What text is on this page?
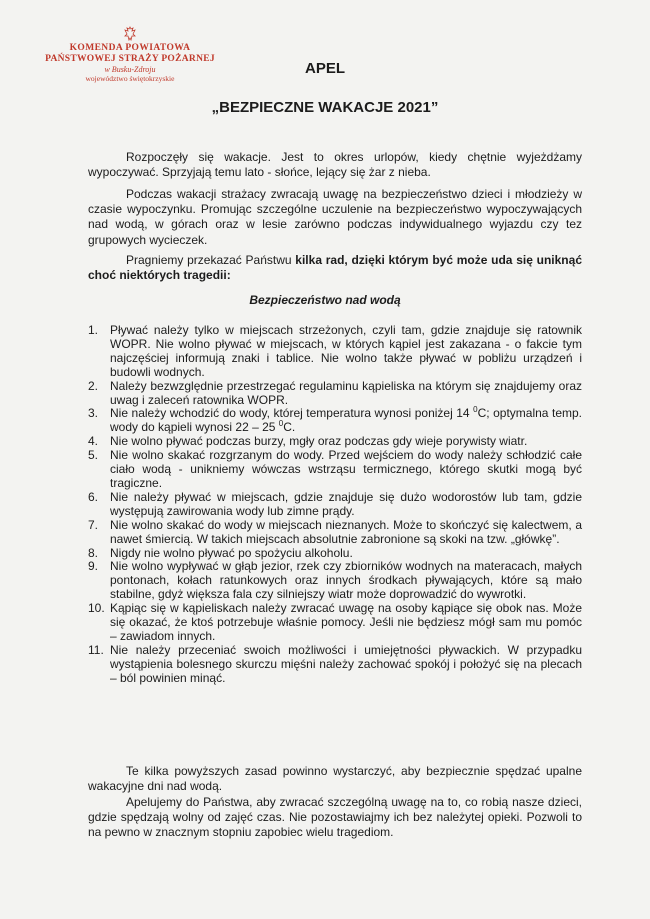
KOMENDA POWIATOWA
PAŃSTWOWEJ STRAŻY POŻARNEJ
w Busku-Zdroju
województwo świętokrzyskie
APEL
„BEZPIECZNE WAKACJE 2021”

Rozpoczęły się wakacje. Jest to okres urlopów, kiedy chętnie wyjeżdżamy wypoczywać. Sprzyjają temu lato - słońce, lejący się żar z nieba.

Podczas wakacji strażacy zwracają uwagę na bezpieczeństwo dzieci i młodzieży w czasie wypoczynku. Promując szczególne uczulenie na bezpieczeństwo wypoczywających nad wodą, w górach oraz w lesie zarówno podczas indywidualnego wyjazdu czy tez grupowych wycieczek.

Pragniemy przekazać Państwu kilka rad, dzięki którym być może uda się uniknąć choć niektórych tragedii:

Bezpieczeństwo nad wodą
1. Pływać należy tylko w miejscach strzeżonych, czyli tam, gdzie znajduje się ratownik WOPR. Nie wolno pływać w miejscach, w których kąpiel jest zakazana - o fakcie tym najczęściej informują znaki i tablice. Nie wolno także pływać w pobliżu urządzeń i budowli wodnych.
2. Należy bezwzględnie przestrzegać regulaminu kąpieliska na którym się znajdujemy oraz uwag i zaleceń ratownika WOPR.
3. Nie należy wchodzić do wody, której temperatura wynosi poniżej 14 $^0$C; optymalna temp. wody do kąpieli wynosi 22 – 25 $^0$C.
4. Nie wolno pływać podczas burzy, mgły oraz podczas gdy wieje porywisty wiatr.
5. Nie wolno skakać rozgrzanym do wody. Przed wejściem do wody należy schłodzić całe ciało wodą - unikniemy wówczas wstrząsu termicznego, którego skutki mogą być tragiczne.
6. Nie należy pływać w miejscach, gdzie znajduje się dużo wodorostów lub tam, gdzie występują zawirowania wody lub zimne prądy.
7. Nie wolno skakać do wody w miejscach nieznanych. Może to skończyć się kalectwem, a nawet śmiercią. W takich miejscach absolutnie zabronione są skoki na tzw. „główkę”.
8. Nigdy nie wolno pływać po spożyciu alkoholu.
9. Nie wolno wypływać w głąb jezior, rzek czy zbiorników wodnych na materacach, małych pontonach, kołach ratunkowych oraz innych środkach pływających, które są mało stabilne, gdyż większa fala czy silniejszy wiatr może doprowadzić do wywrotki.
10. Kąpiąc się w kąpieliskach należy zwracać uwagę na osoby kąpiące się obok nas. Może się okazać, że ktoś potrzebuje właśnie pomocy. Jeśli nie będziesz mógł sam mu pomóc – zawiadom innych.
11. Nie należy przeceniać swoich możliwości i umiejętności pływackich. W przypadku wystąpienia bolesnego skurczu mięśni należy zachować spokój i położyć się na plecach – ból powinien minąć.

Te kilka powyższych zasad powinno wystarczyć, aby bezpiecznie spędzać upalne wakacyjne dni nad wodą.

Apelujemy do Państwa, aby zwracać szczególną uwagę na to, co robią nasze dzieci, gdzie spędzają wolny od zajęć czas. Nie pozostawiajmy ich bez należytej opieki. Pozwoli to na pewno w znacznym stopniu zapobiec wielu tragediom.
